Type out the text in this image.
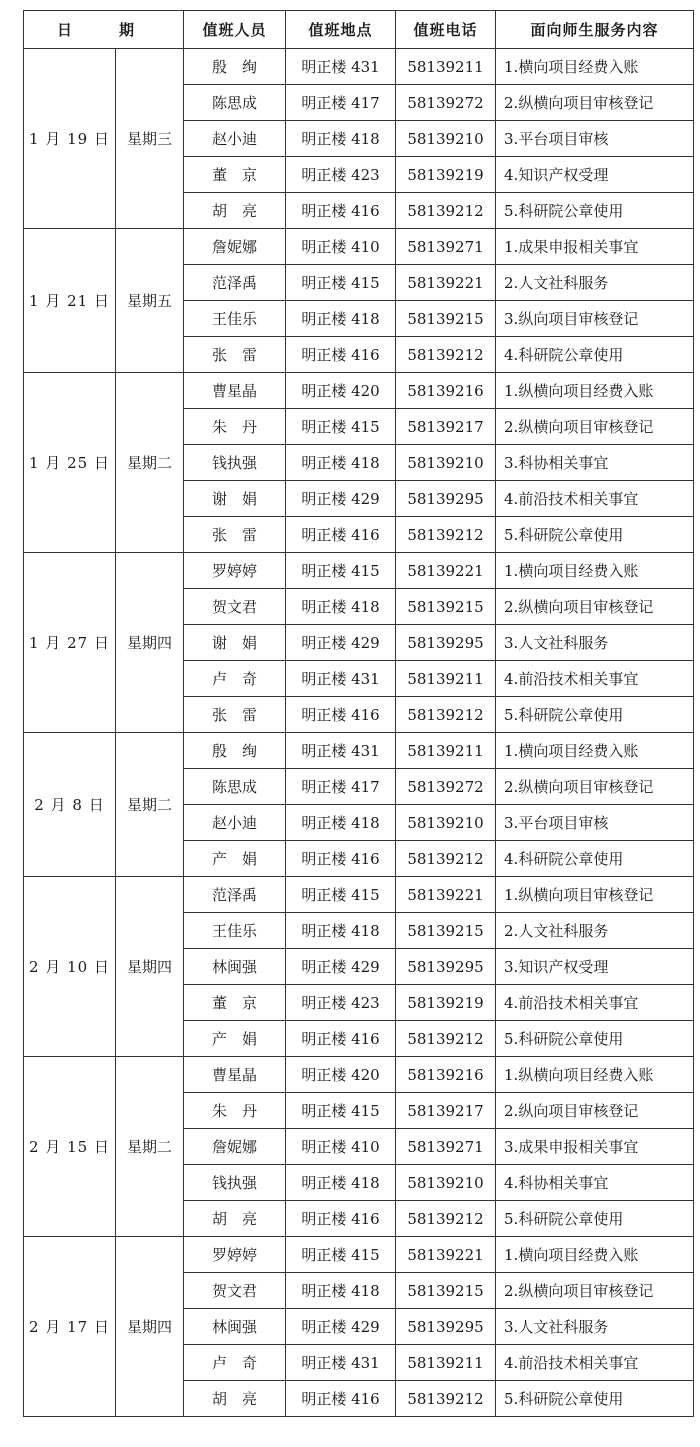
日　期		值班人员	值班地点	值班电话	面向师生服务内容
1 月 19 日	星期三	殷　绚	明正楼 431	58139211	1.横向项目经费入账
		陈思成	明正楼 417	58139272	2.纵横向项目审核登记
		赵小迪	明正楼 418	58139210	3.平台项目审核
		董　京	明正楼 423	58139219	4.知识产权受理
		胡　亮	明正楼 416	58139212	5.科研院公章使用
1 月 21 日	星期五	詹妮娜	明正楼 410	58139271	1.成果申报相关事宜
		范泽禹	明正楼 415	58139221	2.人文社科服务
		王佳乐	明正楼 418	58139215	3.纵向项目审核登记
		张　雷	明正楼 416	58139212	4.科研院公章使用
1 月 25 日	星期二	曹星晶	明正楼 420	58139216	1.纵横向项目经费入账
		朱　丹	明正楼 415	58139217	2.纵横向项目审核登记
		钱执强	明正楼 418	58139210	3.科协相关事宜
		谢　娟	明正楼 429	58139295	4.前沿技术相关事宜
		张　雷	明正楼 416	58139212	5.科研院公章使用
1 月 27 日	星期四	罗婷婷	明正楼 415	58139221	1.横向项目经费入账
		贺文君	明正楼 418	58139215	2.纵横向项目审核登记
		谢　娟	明正楼 429	58139295	3.人文社科服务
		卢　奇	明正楼 431	58139211	4.前沿技术相关事宜
		张　雷	明正楼 416	58139212	5.科研院公章使用
2 月 8 日	星期二	殷　绚	明正楼 431	58139211	1.横向项目经费入账
		陈思成	明正楼 417	58139272	2.纵横向项目审核登记
		赵小迪	明正楼 418	58139210	3.平台项目审核
		产　娟	明正楼 416	58139212	4.科研院公章使用
2 月 10 日	星期四	范泽禹	明正楼 415	58139221	1.纵横向项目审核登记
		王佳乐	明正楼 418	58139215	2.人文社科服务
		林闽强	明正楼 429	58139295	3.知识产权受理
		董　京	明正楼 423	58139219	4.前沿技术相关事宜
		产　娟	明正楼 416	58139212	5.科研院公章使用
2 月 15 日	星期二	曹星晶	明正楼 420	58139216	1.纵横向项目经费入账
		朱　丹	明正楼 415	58139217	2.纵向项目审核登记
		詹妮娜	明正楼 410	58139271	3.成果申报相关事宜
		钱执强	明正楼 418	58139210	4.科协相关事宜
		胡　亮	明正楼 416	58139212	5.科研院公章使用
2 月 17 日	星期四	罗婷婷	明正楼 415	58139221	1.横向项目经费入账
		贺文君	明正楼 418	58139215	2.纵横向项目审核登记
		林闽强	明正楼 429	58139295	3.人文社科服务
		卢　奇	明正楼 431	58139211	4.前沿技术相关事宜
		胡　亮	明正楼 416	58139212	5.科研院公章使用
